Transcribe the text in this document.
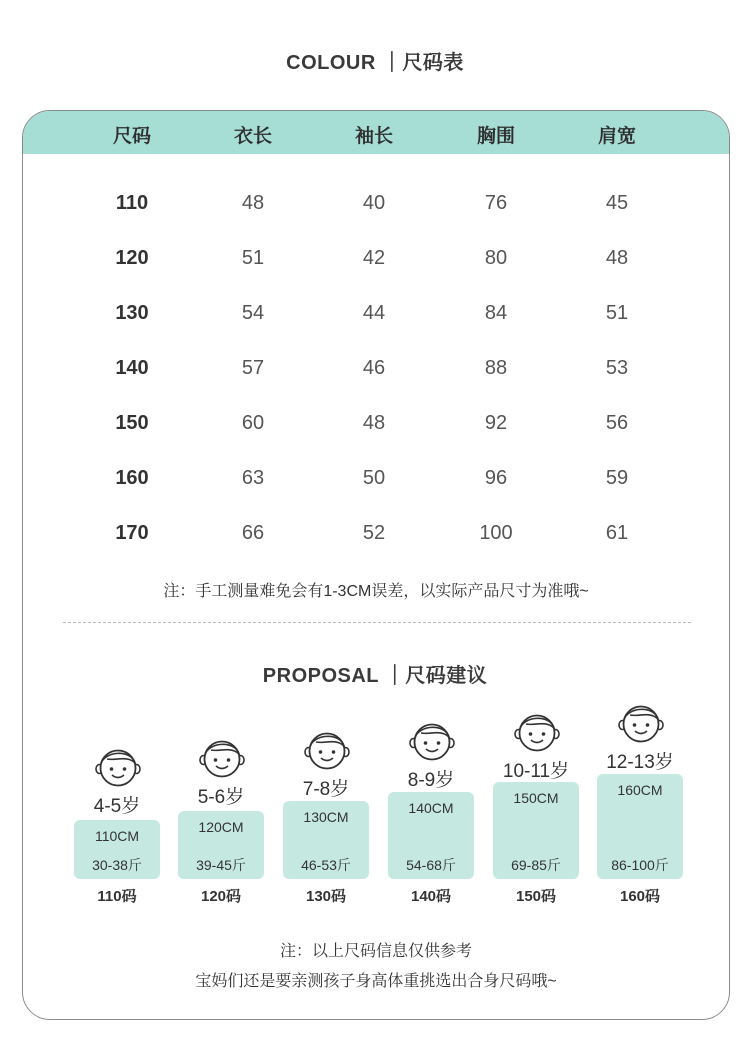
COLOUR ｜尺码表
尺码	衣长	袖长	胸围	肩宽
110	48	40	76	45
120	51	42	80	48
130	54	44	84	51
140	57	46	88	53
150	60	48	92	56
160	63	50	96	59
170	66	52	100	61
注：手工测量难免会有1-3CM误差，以实际产品尺寸为准哦~
4-5岁
110CM
30-38斤
110码
5-6岁
120CM
39-45斤
120码
7-8岁
130CM
46-53斤
130码
8-9岁
140CM
54-68斤
140码
10-11岁
150CM
69-85斤
150码
12-13岁
160CM
86-100斤
160码
注：以上尺码信息仅供参考
宝妈们还是要亲测孩子身高体重挑选出合身尺码哦~
PROPOSAL ｜尺码建议
